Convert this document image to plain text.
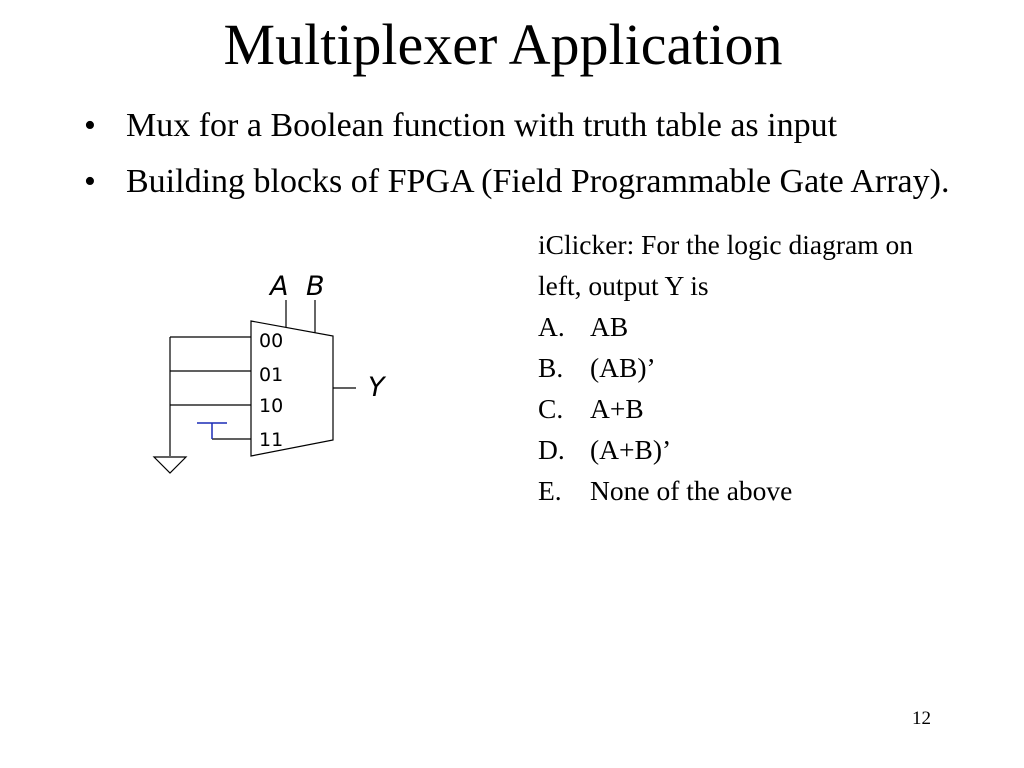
Multiplexer Application
• Mux for a Boolean function with truth table as input
• Building blocks of FPGA (Field Programmable Gate Array).
A B
00
01
10
11
Y

iClicker: For the logic diagram on left, output Y is

A. AB
B. (AB)’
C. A+B
D. (A+B)’
E. None of the above
12
